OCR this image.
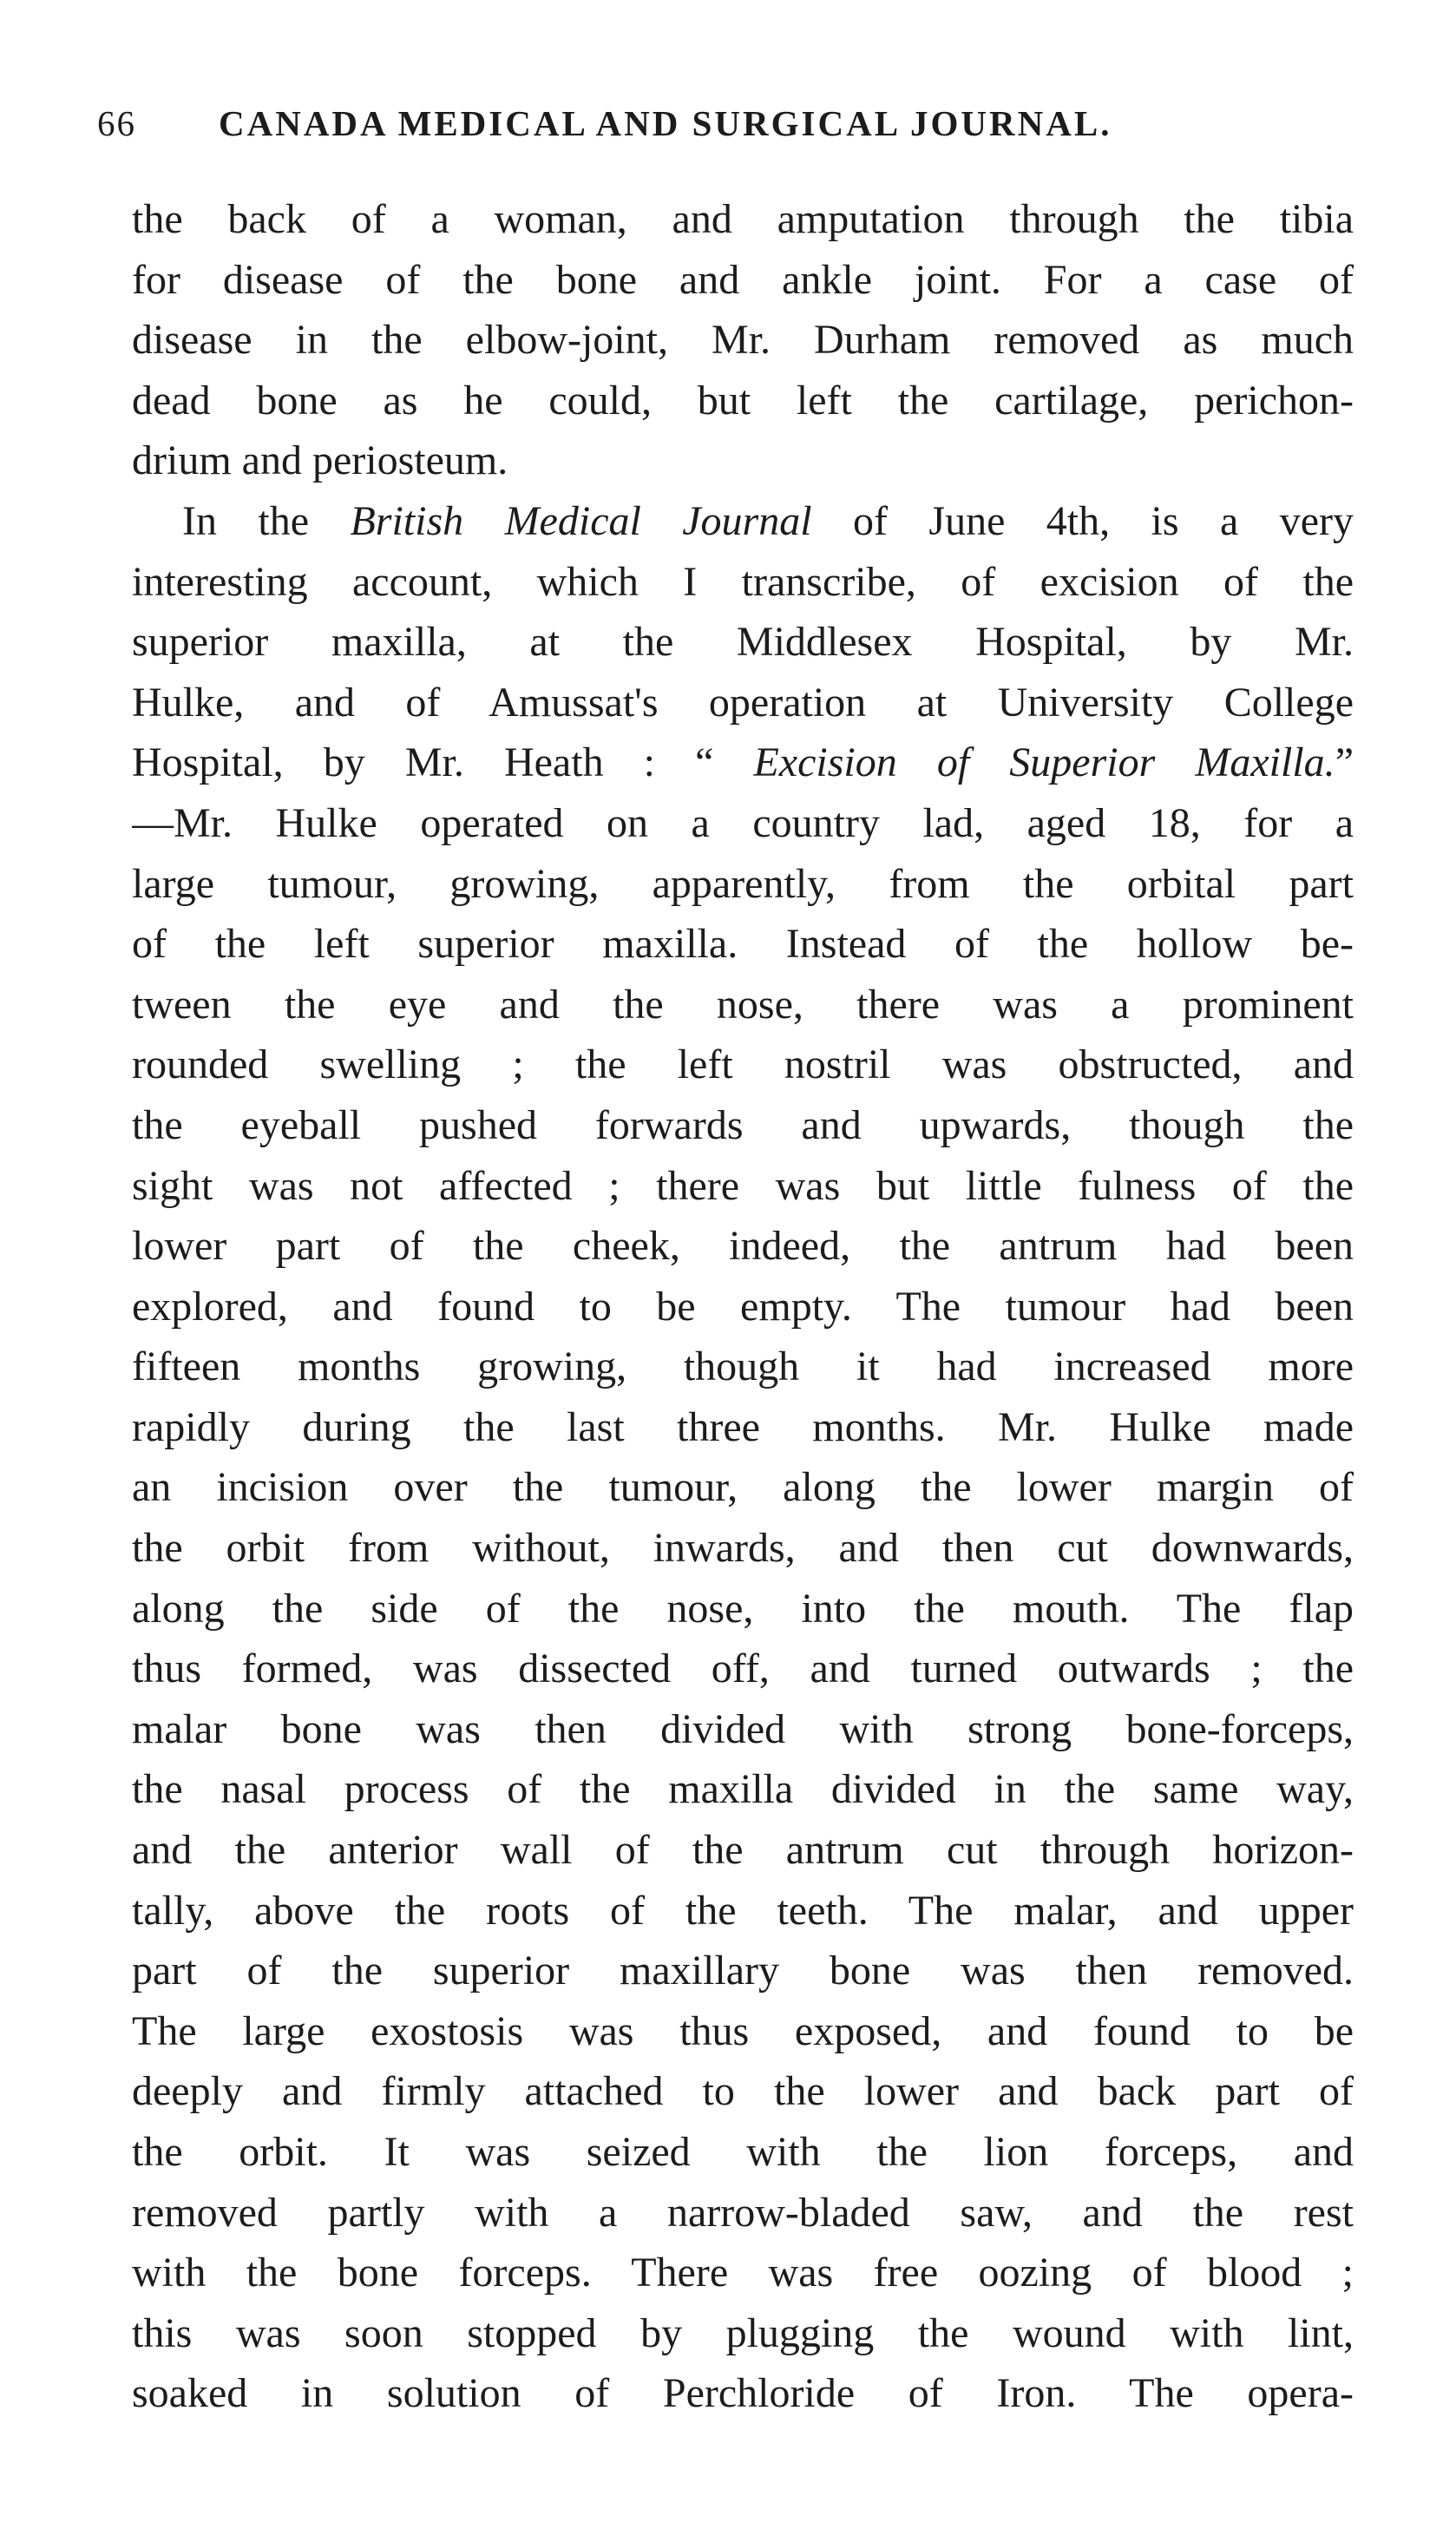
66 CANADA MEDICAL AND SURGICAL JOURNAL.
the back of a woman, and amputation through the tibia
for disease of the bone and ankle joint. For a case of
disease in the elbow-joint, Mr. Durham removed as much
dead bone as he could, but left the cartilage, perichon-
drium and periosteum.
In the British Medical Journal of June 4th, is a very
interesting account, which I transcribe, of excision of the
superior maxilla, at the Middlesex Hospital, by Mr.
Hulke, and of Amussat's operation at University College
Hospital, by Mr. Heath : “ Excision of Superior Maxilla.”
—Mr. Hulke operated on a country lad, aged 18, for a
large tumour, growing, apparently, from the orbital part
of the left superior maxilla. Instead of the hollow be-
tween the eye and the nose, there was a prominent
rounded swelling ; the left nostril was obstructed, and
the eyeball pushed forwards and upwards, though the
sight was not affected ; there was but little fulness of the
lower part of the cheek, indeed, the antrum had been
explored, and found to be empty. The tumour had been
fifteen months growing, though it had increased more
rapidly during the last three months. Mr. Hulke made
an incision over the tumour, along the lower margin of
the orbit from without, inwards, and then cut downwards,
along the side of the nose, into the mouth. The flap
thus formed, was dissected off, and turned outwards ; the
malar bone was then divided with strong bone-forceps,
the nasal process of the maxilla divided in the same way,
and the anterior wall of the antrum cut through horizon-
tally, above the roots of the teeth. The malar, and upper
part of the superior maxillary bone was then removed.
The large exostosis was thus exposed, and found to be
deeply and firmly attached to the lower and back part of
the orbit. It was seized with the lion forceps, and
removed partly with a narrow-bladed saw, and the rest
with the bone forceps. There was free oozing of blood ;
this was soon stopped by plugging the wound with lint,
soaked in solution of Perchloride of Iron. The opera-
